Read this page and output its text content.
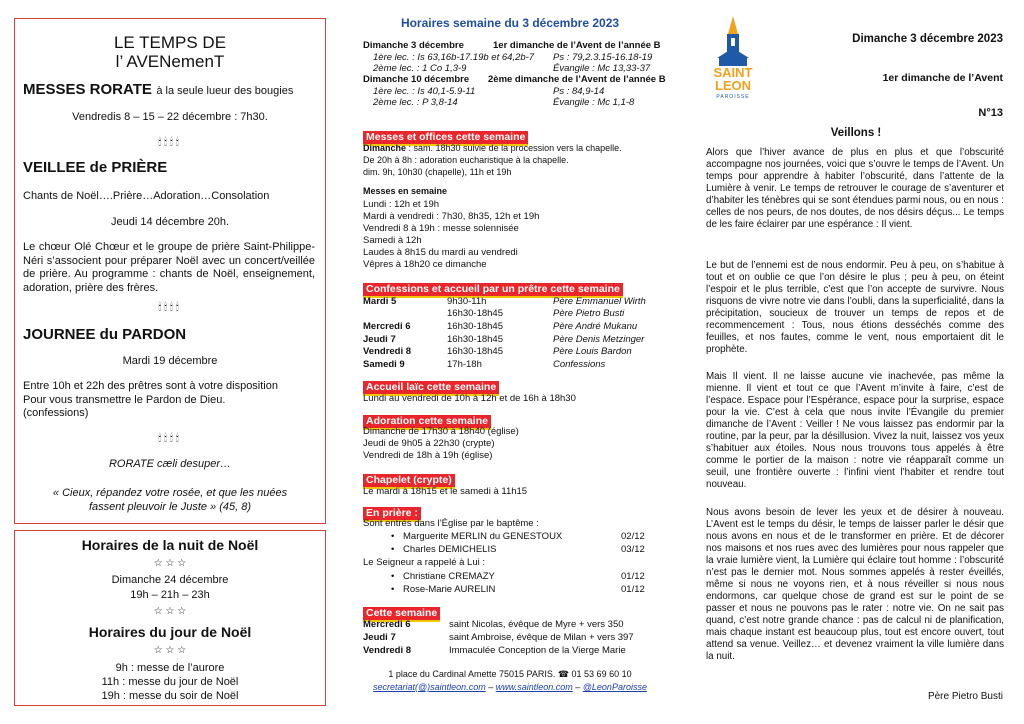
LE TEMPS DE
l’ AVENemenT
MESSES RORATE à la seule lueur des bougies
Vendredis 8 – 15 – 22 décembre : 7h30.
🕯🕯🕯🕯
VEILLEE de PRIÈRE
Chants de Noël….Prière…Adoration…Consolation
Jeudi 14 décembre 20h.
Le chœur Olé Chœur et le groupe de prière Saint-Philippe-Néri s’associent pour préparer Noël avec un concert/veillée de prière. Au programme : chants de Noël, enseignement, adoration, prière des frères.
🕯🕯🕯🕯
JOURNEE du PARDON
Mardi 19 décembre
Entre 10h et 22h des prêtres sont à votre disposition
Pour vous transmettre le Pardon de Dieu.
(confessions)
🕯🕯🕯🕯
RORATE cæli desuper…
« Cieux, répandez votre rosée, et que les nuées fassent pleuvoir le Juste » (45, 8)
Horaires de la nuit de Noël
☆ ☆ ☆
Dimanche 24 décembre
19h – 21h – 23h
☆ ☆ ☆
Horaires du jour de Noël
☆ ☆ ☆
9h : messe de l’aurore
11h : messe du jour de Noël
19h : messe du soir de Noël
Horaires semaine du 3 décembre 2023
Dimanche 3 décembre	1er dimanche de l’Avent de l’année B
1ère lec. : Is 63,16b-17.19b et 64,2b-7 Ps : 79,2.3.15-16.18-19
2ème lec. : 1 Co 1,3-9	Évangile : Mc 13,33-37
Dimanche 10 décembre 2ème dimanche de l’Avent de l’année B
1ère lec. : Is 40,1-5.9-11	Ps : 84,9-14
2ème lec. : P 3,8-14	Évangile : Mc 1,1-8
Messes et offices cette semaine
Dimanche : sam. 18h30 suivie de la procession vers la chapelle.
De 20h à 8h : adoration eucharistique à la chapelle.
dim. 9h, 10h30 (chapelle), 11h et 19h
Messes en semaine
Lundi : 12h et 19h
Mardi à vendredi : 7h30, 8h35, 12h et 19h
Vendredi 8 à 19h : messe solennisée
Samedi à 12h
Laudes à 8h15 du mardi au vendredi
Vêpres à 18h20 ce dimanche
Confessions et accueil par un prêtre cette semaine
Mardi 5	9h30-11h	Père Emmanuel Wirth
16h30-18h45	Père Pietro Busti
Mercredi 6	16h30-18h45	Père André Mukanu
Jeudi 7	16h30-18h45	Père Denis Metzinger
Vendredi 8	16h30-18h45	Père Louis Bardon
Samedi 9	17h-18h	Confessions
Accueil laïc cette semaine
Lundi au vendredi de 10h à 12h et de 16h à 18h30
Adoration cette semaine
Dimanche de 17h30 à 18h40 (église)
Jeudi de 9h05 à 22h30 (crypte)
Vendredi de 18h à 19h (église)
Chapelet (crypte)
Le mardi à 18h15 et le samedi à 11h15
En prière :
Sont entrés dans l’Église par le baptême :
• Marguerite MERLIN du GENESTOUX	02/12
• Charles DEMICHELIS	03/12
Le Seigneur a rappelé à Lui :
• Christiane CREMAZY	01/12
• Rose-Marie AURELIN	01/12
Cette semaine
Mercredi 6	saint Nicolas, évêque de Myre + vers 350
Jeudi 7	saint Ambroise, évêque de Milan + vers 397
Vendredi 8	Immaculée Conception de la Vierge Marie
1 place du Cardinal Amette 75015 PARIS. ☎ 01 53 69 60 10
secretariat(@)saintleon.com – www.saintleon.com – @LeonParoisse
SAINT
LEON
PAROISSE
Dimanche 3 décembre 2023
1er dimanche de l’Avent
N°13
Veillons !
Alors que l’hiver avance de plus en plus et que l’obscurité accompagne nos journées, voici que s’ouvre le temps de l’Avent. Un temps pour apprendre à habiter l’obscurité, dans l’attente de la Lumière à venir. Le temps de retrouver le courage de s’aventurer et d’habiter les ténèbres qui se sont étendues parmi nous, ou en nous : celles de nos peurs, de nos doutes, de nos désirs déçus... Le temps de les faire éclairer par une espérance : Il vient.
Le but de l’ennemi est de nous endormir. Peu à peu, on s’habitue à tout et on oublie ce que l’on désire le plus ; peu à peu, on éteint l’espoir et le plus terrible, c’est que l’on accepte de survivre. Nous risquons de vivre notre vie dans l’oubli, dans la superficialité, dans la précipitation, soucieux de trouver un temps de repos et de recommencement : Tous, nous étions desséchés comme des feuilles, et nos fautes, comme le vent, nous emportaient dit le prophète.
Mais Il vient. Il ne laisse aucune vie inachevée, pas même la mienne. Il vient et tout ce que l’Avent m’invite à faire, c’est de l’espace. Espace pour l’Espérance, espace pour la surprise, espace pour la vie. C’est à cela que nous invite l’Évangile du premier dimanche de l’Avent : Veiller ! Ne vous laissez pas endormir par la routine, par la peur, par la désillusion. Vivez la nuit, laissez vos yeux s’habituer aux étoiles. Nous nous trouvons tous appelés à être comme le portier de la maison : notre vie réapparaît comme un seuil, une frontière ouverte : l’infini vient l’habiter et rendre tout nouveau.
Nous avons besoin de lever les yeux et de désirer à nouveau. L’Avent est le temps du désir, le temps de laisser parler le désir que nous avons en nous et de le transformer en prière. Et de décorer nos maisons et nos rues avec des lumières pour nous rappeler que la vraie lumière vient, la Lumière qui éclaire tout homme : l’obscurité n’est pas le dernier mot. Nous sommes appelés à rester éveillés, même si nous ne voyons rien, et à nous réveiller si nous nous endormons, car quelque chose de grand est sur le point de se passer et nous ne pouvons pas le rater : notre vie. On ne sait pas quand, c’est notre grande chance : pas de calcul ni de planification, mais chaque instant est beaucoup plus, tout est encore ouvert, tout attend sa venue. Veillez… et devenez vraiment la ville lumière dans la nuit.
Père Pietro Busti
